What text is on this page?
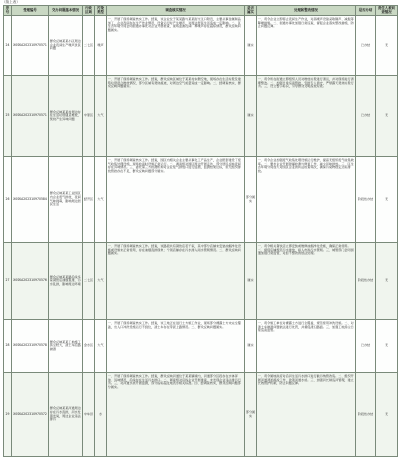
（续上表）
序号	受理编号	交办问题基本情况	行政区域	污染类型	调查核实情况	是否属实	处理和整改情况	是否办结	责任人被问责情况
24	X0SKA202310970571	群众反映某某小区周边企业夜间生产噪声扰民问题	二七区	噪声	一、开展了现场调查核实工作。经查，该企业位于某某路与某某街交叉口附近，主要从事金属制品加工，企业夜间存在生产作业情况，设备运行时产生噪声，对周边居民生活造成一定影响。二、区生态环境分局会同街道办事处对企业开展检查，现场监测夜间厂界噪声存在超标情况，群众反映问题属实。	属实	一、责令企业立即停止夜间生产作业，对高噪声设备采取隔声、减振等降噪措施。二、街道办事处加强日常巡查，督促企业落实整改措施，防止问题反弹。	已办结	无
25	X0SKA202310970571	群众反映某某村周边存在生活垃圾随意堆放，焚烧产生异味问题	中原区	大气	一、开展了现场调查核实工作。经查，群众反映区域位于某某村东侧空地，现场存在生活垃圾及建筑垃圾混合堆放情况，部分区域有焚烧痕迹，对周边空气质量造成一定影响。二、经调查核实，群众反映问题属实。	属实	一、责令所在街道立即组织人员对堆放垃圾进行清运，并对现场进行清理整治。二、加强日常巡查管控，安排专人值守，严禁露天焚烧垃圾行为。三、设立警示标识，引导群众文明投放垃圾。	已办结	无
26	X0SKA202310970584	群众反映某某工业园区内企业废气排放，夜间气味刺鼻，影响周边居民生活	经开区	大气	一、开展了现场调查核实工作。经查，园区内相关企业主要从事化工产品生产，企业配套建设了废气收集处理设施，现场检查时设施正常运行。二、调查组对园区周边开展走访，部分居民反映夜间存在异味情况。三、委托第三方检测机构对企业废气排放口进行监测，监测结果达标，但无组织排放管控存在不足，群众反映问题部分属实。	部分属实	一、责令企业加强废气收集处理设施运行维护，提高无组织废气收集效率。二、要求企业开展泄漏检测与修复工作，减少异味排放。三、区生态环境分局加大对园区企业的执法检查频次，确保污染物稳定达标排放。	阶段性办结	无
27	X0SKA202310970576	群众反映某某路沿线多家餐饮店油烟直排，污水乱排，影响周边环境	二七区	大气	一、开展了现场调查核实工作。经查，该路段共有餐饮店若干家，其中部分店铺未安装油烟净化设施或设施未正常使用，存在油烟直排现象；个别店铺存在污水排入雨水管网情况。二、群众反映问题属实。	属实	一、责令相关餐饮店立即安装或维修油烟净化设施，确保正常使用。二、督促店铺规范污水排放，接入市政污水管网。三、城管部门会同街道加强日常监管，对拒不整改的依法处理。	阶段性办结	无
28	X0SKA202310970578	群众反映某某工地施工扬尘较大，渣土车沿路抛洒	金水区	大气	一、开展了现场调查核实工作。经查，该工地正在进行土方施工作业，现场部分裸露土方未完全覆盖，出入口冲洗设施运行不到位，渣土车存在带泥上路情况。二、群众反映问题属实。	属实	一、责令施工单位对裸露土方进行全覆盖，规范使用冲洗设施。二、对渣土车抛洒问题依法进行处罚，并督促清扫路面。三、加强工地扬尘日常巡查监管。	已办结	无
29	X0SKA202310970572	群众反映某某河道周边存在污水直排，河水发黑发臭，周边企业违法排污	中牟县	水	一、开展了现场调查核实工作。经查，群众反映河道位于某某镇境内，河道部分区段存在水体浑浊、异味情况，沿线存在生活污水排口。二、调查组对沿线企业开展排查，未发现企业违法排污行为。三、对河道水质开展监测，部分指标超过地表水相关标准。四、经调查核实，群众反映问题部分属实。	部分属实	一、责令属地政府对沿河生活污水排口进行截污纳管改造。二、组织开展河道清淤疏浚工作，改善河道水质。三、加强河长制巡河管理，建立长效管护机制，防止问题反弹。	阶段性办结	无
